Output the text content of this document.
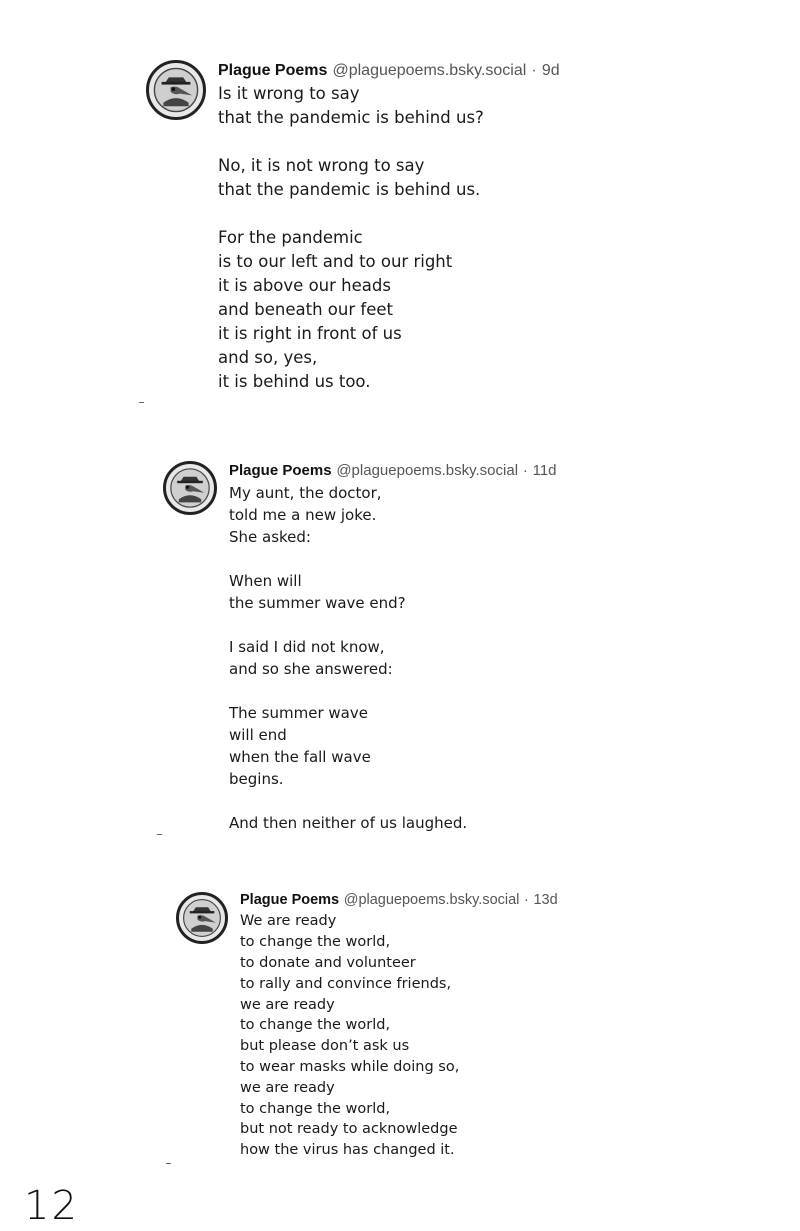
Plague Poems @plaguepoems.bsky.social · 9d
Is it wrong to say
that the pandemic is behind us?
No, it is not wrong to say
that the pandemic is behind us.
For the pandemic
is to our left and to our right
it is above our heads
and beneath our feet
it is right in front of us
and so, yes,
it is behind us too.
Plague Poems @plaguepoems.bsky.social · 11d
My aunt, the doctor,
told me a new joke.
She asked:
When will
the summer wave end?
I said I did not know,
and so she answered:
The summer wave
will end
when the fall wave
begins.
And then neither of us laughed.
Plague Poems @plaguepoems.bsky.social · 13d
We are ready
to change the world,
to donate and volunteer
to rally and convince friends,
we are ready
to change the world,
but please don’t ask us
to wear masks while doing so,
we are ready
to change the world,
but not ready to acknowledge
how the virus has changed it.
12
